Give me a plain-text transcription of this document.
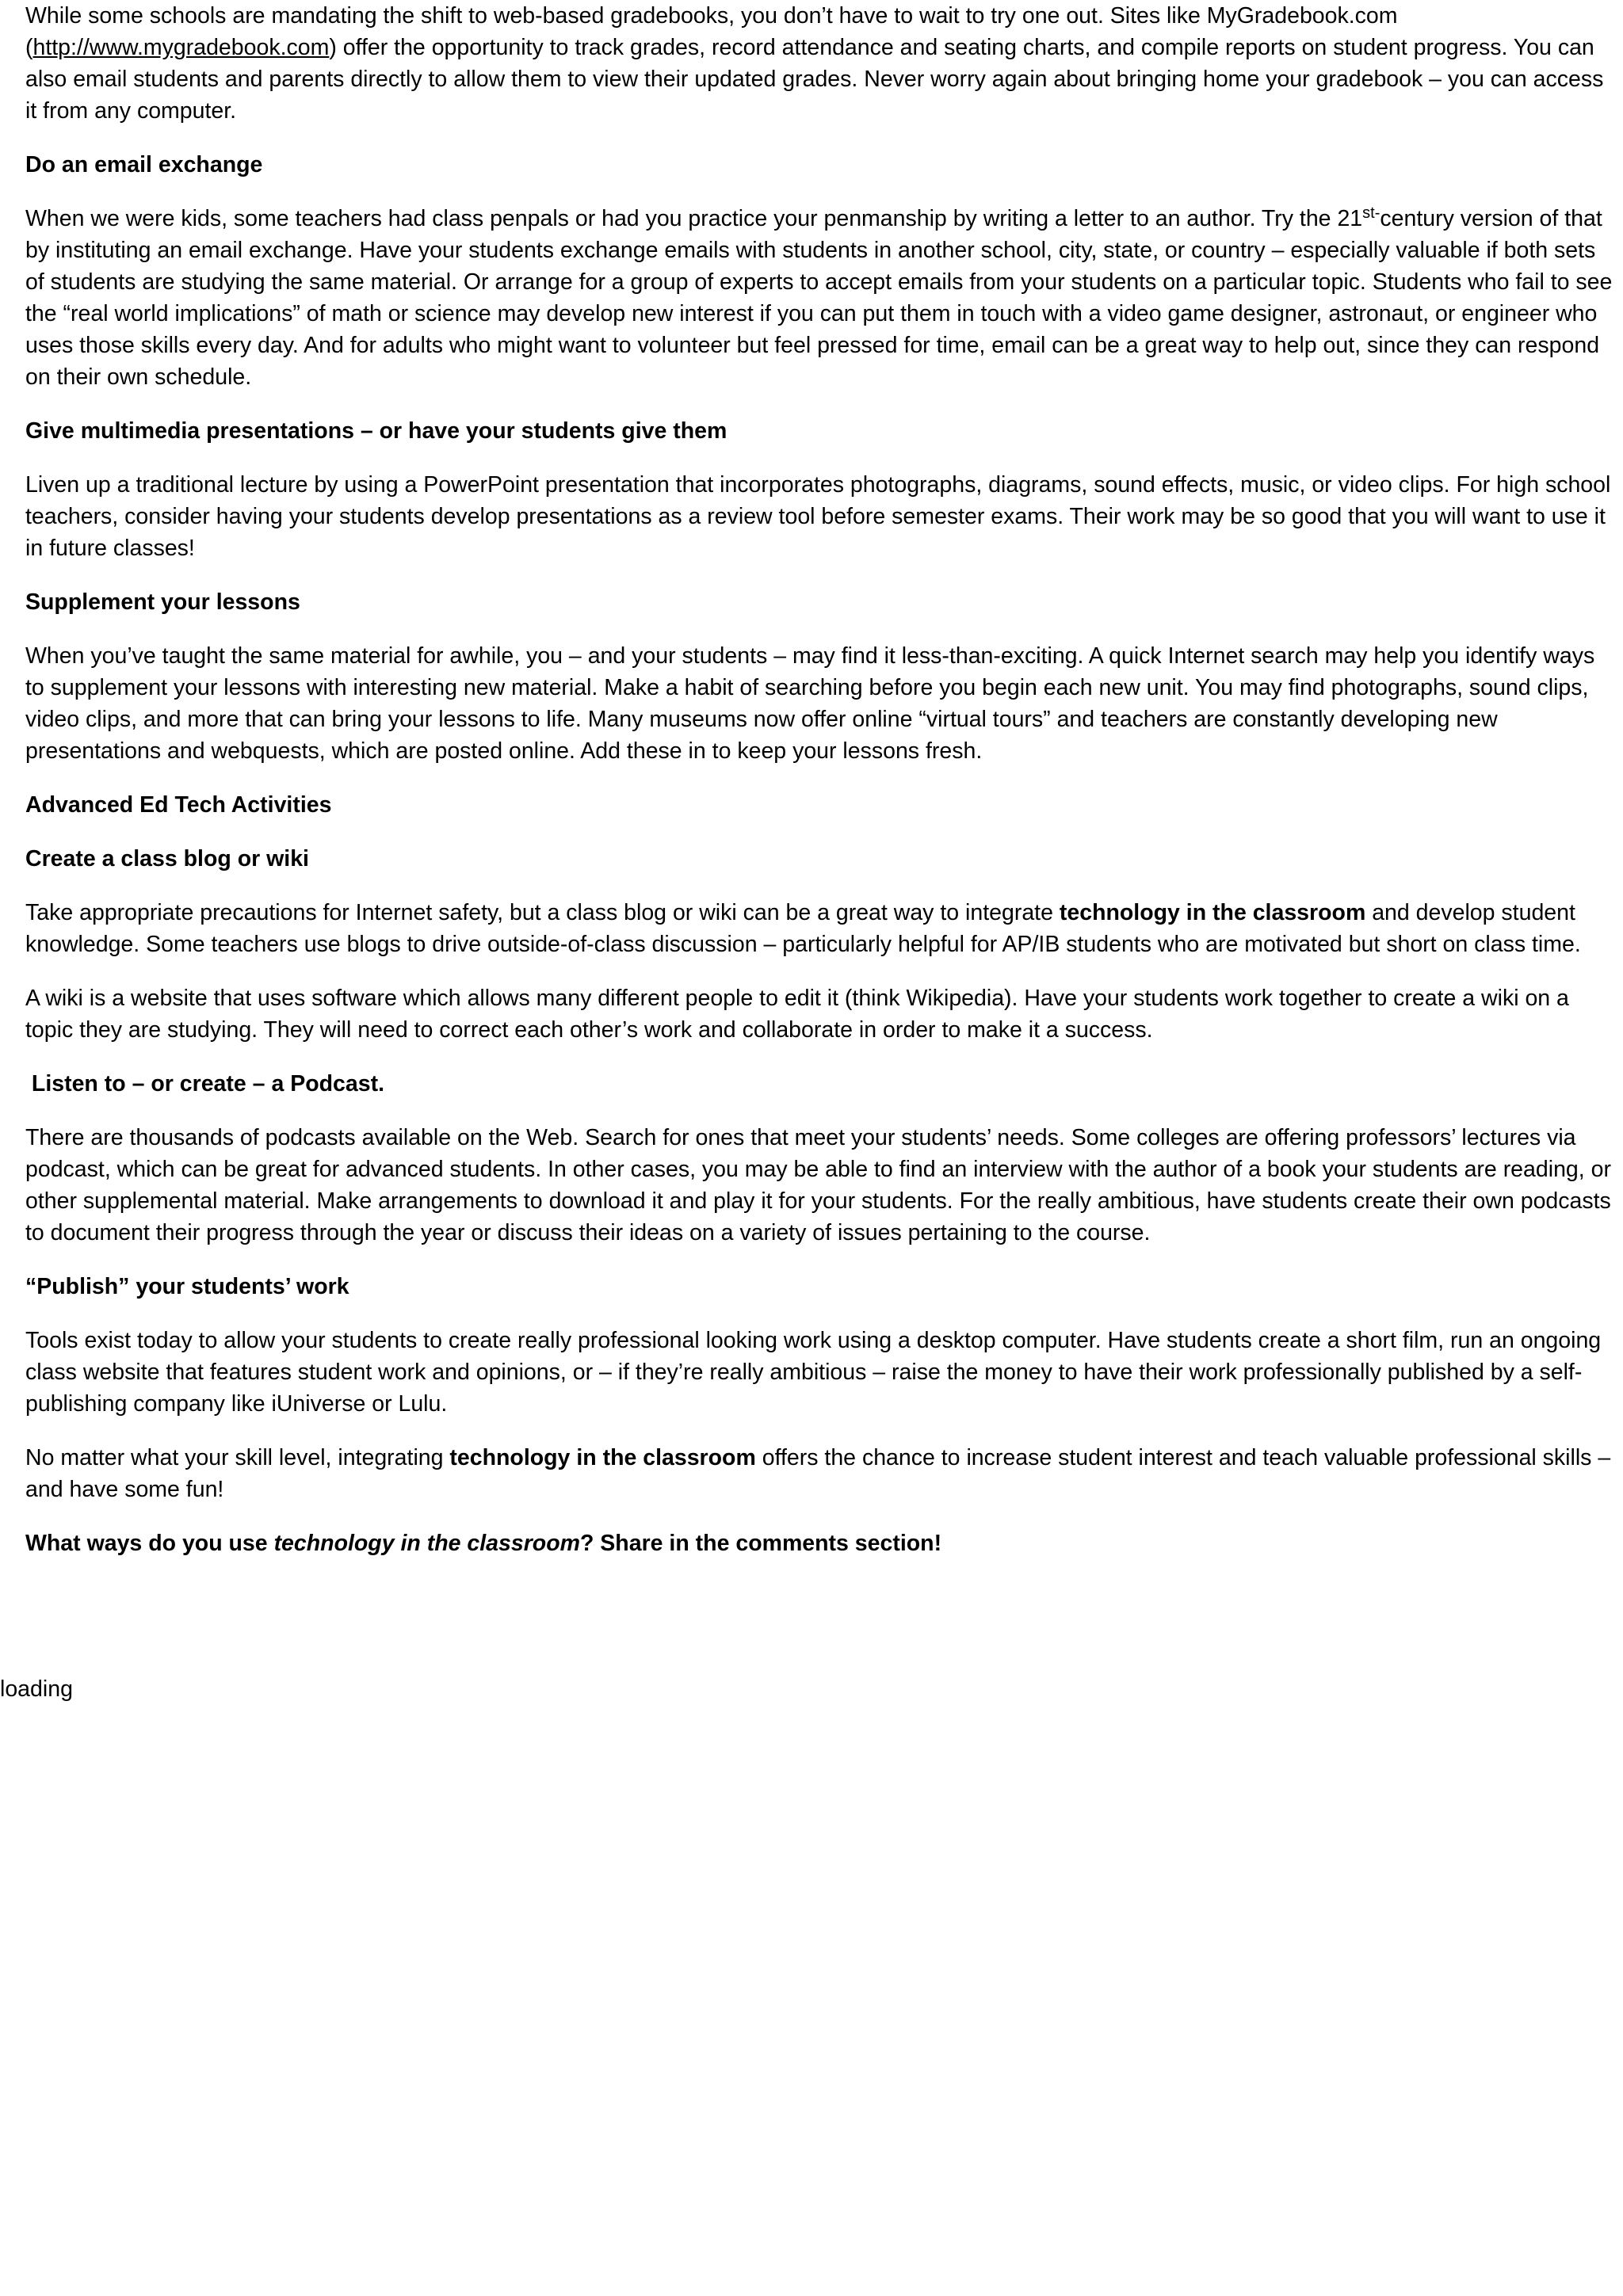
While some schools are mandating the shift to web-based gradebooks, you don’t have to wait to try one out. Sites like MyGradebook.com (http://www.mygradebook.com) offer the opportunity to track grades, record attendance and seating charts, and compile reports on student progress. You can also email students and parents directly to allow them to view their updated grades. Never worry again about bringing home your gradebook – you can access it from any computer.

Do an email exchange

When we were kids, some teachers had class penpals or had you practice your penmanship by writing a letter to an author. Try the $21^{st-}century$ version of that by instituting an email exchange. Have your students exchange emails with students in another school, city, state, or country – especially valuable if both sets of students are studying the same material. Or arrange for a group of experts to accept emails from your students on a particular topic. Students who fail to see the “real world implications” of math or science may develop new interest if you can put them in touch with a video game designer, astronaut, or engineer who uses those skills every day. And for adults who might want to volunteer but feel pressed for time, email can be a great way to help out, since they can respond on their own schedule.

Give multimedia presentations – or have your students give them

Liven up a traditional lecture by using a PowerPoint presentation that incorporates photographs, diagrams, sound effects, music, or video clips. For high school teachers, consider having your students develop presentations as a review tool before semester exams. Their work may be so good that you will want to use it in future classes!

Supplement your lessons

When you’ve taught the same material for awhile, you – and your students – may find it less-than-exciting. A quick Internet search may help you identify ways to supplement your lessons with interesting new material. Make a habit of searching before you begin each new unit. You may find photographs, sound clips, video clips, and more that can bring your lessons to life. Many museums now offer online “virtual tours” and teachers are constantly developing new presentations and webquests, which are posted online. Add these in to keep your lessons fresh.

Advanced Ed Tech Activities

Create a class blog or wiki

Take appropriate precautions for Internet safety, but a class blog or wiki can be a great way to integrate technology in the classroom and develop student knowledge. Some teachers use blogs to drive outside-of-class discussion – particularly helpful for AP/IB students who are motivated but short on class time.

A wiki is a website that uses software which allows many different people to edit it (think Wikipedia). Have your students work together to create a wiki on a topic they are studying. They will need to correct each other’s work and collaborate in order to make it a success.

Listen to – or create – a Podcast.

There are thousands of podcasts available on the Web. Search for ones that meet your students’ needs. Some colleges are offering professors’ lectures via podcast, which can be great for advanced students. In other cases, you may be able to find an interview with the author of a book your students are reading, or other supplemental material. Make arrangements to download it and play it for your students. For the really ambitious, have students create their own podcasts to document their progress through the year or discuss their ideas on a variety of issues pertaining to the course.

“Publish” your students’ work

Tools exist today to allow your students to create really professional looking work using a desktop computer. Have students create a short film, run an ongoing class website that features student work and opinions, or – if they’re really ambitious – raise the money to have their work professionally published by a self-publishing company like iUniverse or Lulu.

No matter what your skill level, integrating technology in the classroom offers the chance to increase student interest and teach valuable professional skills – and have some fun!

What ways do you use technology in the classroom? Share in the comments section!

loading
